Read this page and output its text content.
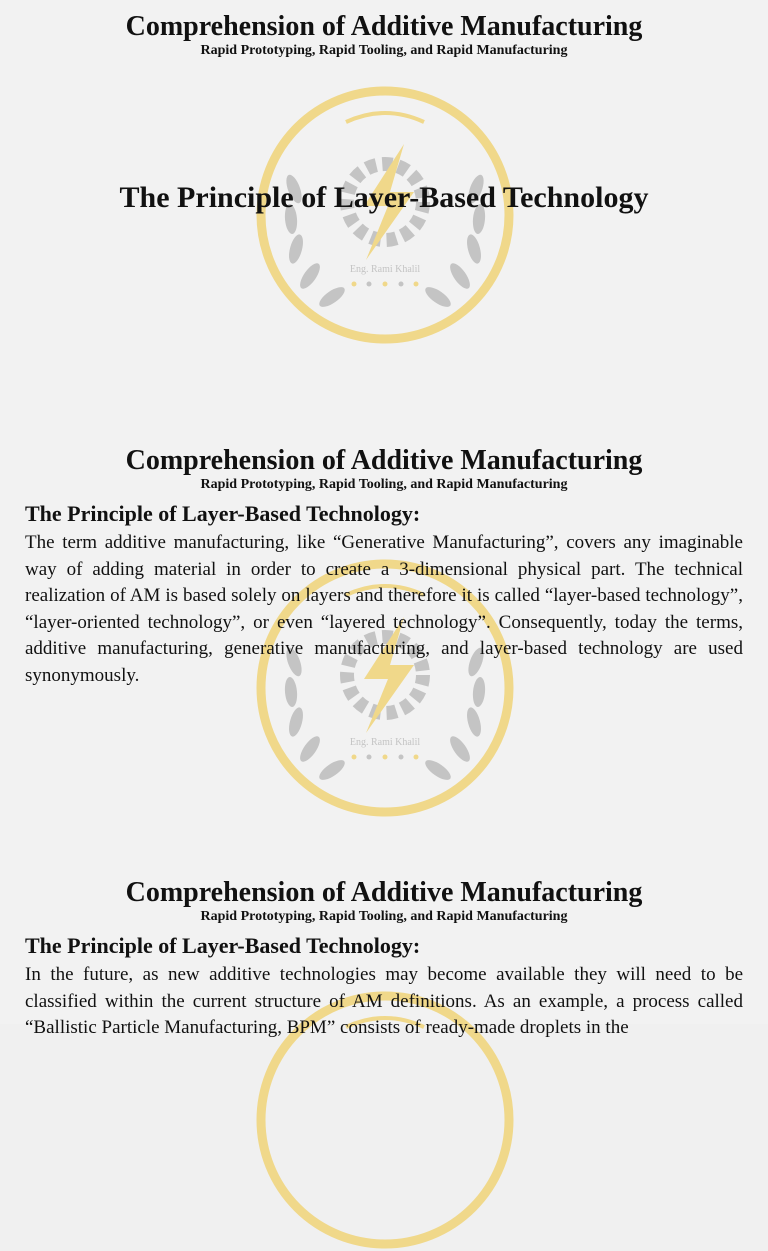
Eng. Rami Khalil
Comprehension of Additive Manufacturing
Rapid Prototyping, Rapid Tooling, and Rapid Manufacturing
The Principle of Layer-Based Technology
Eng. Rami Khalil
Comprehension of Additive Manufacturing
Rapid Prototyping, Rapid Tooling, and Rapid Manufacturing
The Principle of Layer-Based Technology:

The term additive manufacturing, like “Generative Manufacturing”, covers any imaginable way of adding material in order to create a 3-dimensional physical part. The technical realization of AM is based solely on layers and therefore it is called “layer-based technology”, “layer-oriented technology”, or even “layered technology”. Consequently, today the terms, additive manufacturing, generative manufacturing, and layer-based technology are used synonymously.

Comprehension of Additive Manufacturing
Rapid Prototyping, Rapid Tooling, and Rapid Manufacturing
The Principle of Layer-Based Technology:

In the future, as new additive technologies may become available they will need to be classified within the current structure of AM definitions. As an example, a process called “Ballistic Particle Manufacturing, BPM” consists of ready-made droplets in the
